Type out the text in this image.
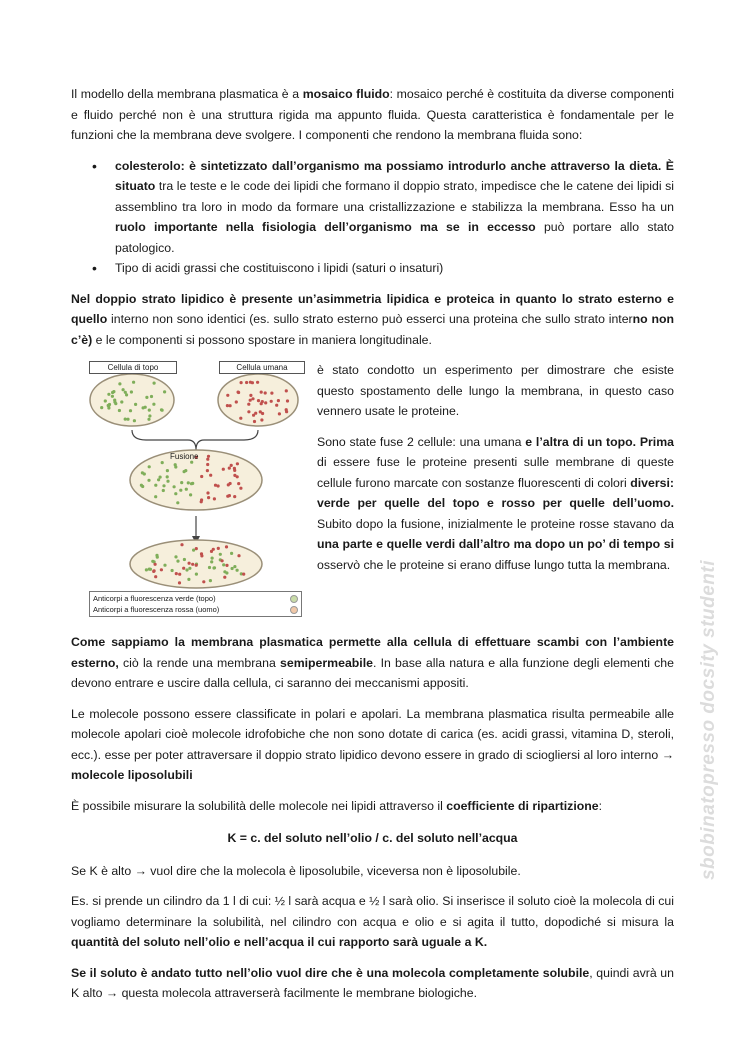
Il modello della membrana plasmatica è a mosaico fluido: mosaico perché è costituita da diverse componenti e fluido perché non è una struttura rigida ma appunto fluida. Questa caratteristica è fondamentale per le funzioni che la membrana deve svolgere. I componenti che rendono la membrana fluida sono:

• colesterolo: è sintetizzato dall’organismo ma possiamo introdurlo anche attraverso la dieta. È situato tra le teste e le code dei lipidi che formano il doppio strato, impedisce che le catene dei lipidi si assemblino tra loro in modo da formare una cristallizzazione e stabilizza la membrana. Esso ha un ruolo importante nella fisiologia dell’organismo ma se in eccesso può portare allo stato patologico.
• Tipo di acidi grassi che costituiscono i lipidi (saturi o insaturi)

Nel doppio strato lipidico è presente un’asimmetria lipidica e proteica in quanto lo strato esterno e quello interno non sono identici (es. sullo strato esterno può esserci una proteina che sullo strato interno non c’è) e le componenti si possono spostare in maniera longitudinale.

Cellula di topo	Cellula umana
Fusione
Anticorpi a fluorescenza verde (topo)
Anticorpi a fluorescenza rossa (uomo)

è stato condotto un esperimento per dimostrare che esiste questo spostamento delle lungo la membrana, in questo caso vennero usate le proteine.

Sono state fuse 2 cellule: una umana e l’altra di un topo. Prima di essere fuse le proteine presenti sulle membrane di queste cellule furono marcate con sostanze fluorescenti di colori diversi: verde per quelle del topo e rosso per quelle dell’uomo. Subito dopo la fusione, inizialmente le proteine rosse stavano da una parte e quelle verdi dall’altro ma dopo un po’ di tempo si osservò che le proteine si erano diffuse lungo tutta la membrana.

Come sappiamo la membrana plasmatica permette alla cellula di effettuare scambi con l’ambiente esterno, ciò la rende una membrana semipermeabile. In base alla natura e alla funzione degli elementi che devono entrare e uscire dalla cellula, ci saranno dei meccanismi appositi.

Le molecole possono essere classificate in polari e apolari. La membrana plasmatica risulta permeabile alle molecole apolari cioè molecole idrofobiche che non sono dotate di carica (es. acidi grassi, vitamina D, steroli, ecc.). esse per poter attraversare il doppio strato lipidico devono essere in grado di sciogliersi al loro interno → molecole liposolubili

È possibile misurare la solubilità delle molecole nei lipidi attraverso il coefficiente di ripartizione:

K = c. del soluto nell’olio / c. del soluto nell’acqua

Se K è alto → vuol dire che la molecola è liposolubile, viceversa non è liposolubile.

Es. si prende un cilindro da 1 l di cui: ½ l sarà acqua e ½ l sarà olio. Si inserisce il soluto cioè la molecola di cui vogliamo determinare la solubilità, nel cilindro con acqua e olio e si agita il tutto, dopodiché si misura la quantità del soluto nell’olio e nell’acqua il cui rapporto sarà uguale a K.

Se il soluto è andato tutto nell’olio vuol dire che è una molecola completamente solubile, quindi avrà un K alto → questa molecola attraverserà facilmente le membrane biologiche.

sbobinatopresso docsity studenti
